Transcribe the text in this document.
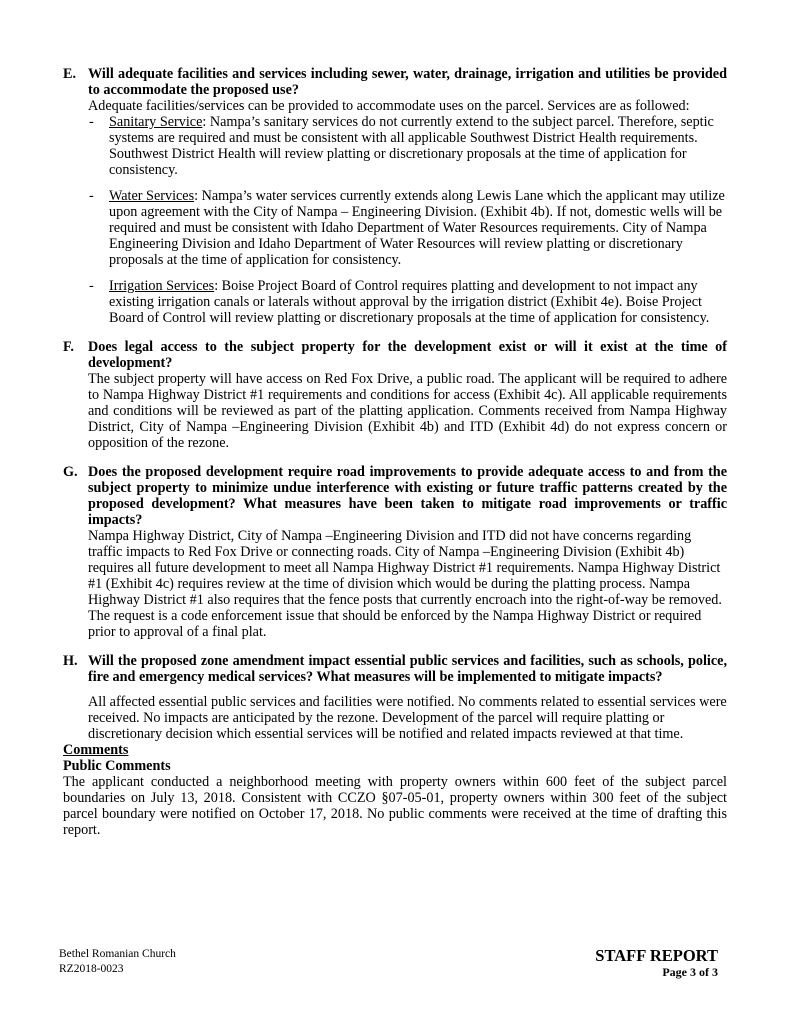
E. Will adequate facilities and services including sewer, water, drainage, irrigation and utilities be provided to accommodate the proposed use?

Adequate facilities/services can be provided to accommodate uses on the parcel. Services are as followed:

-	Sanitary Service: Nampa’s sanitary services do not currently extend to the subject parcel. Therefore, septic systems are required and must be consistent with all applicable Southwest District Health requirements. Southwest District Health will review platting or discretionary proposals at the time of application for consistency.

-	Water Services: Nampa’s water services currently extends along Lewis Lane which the applicant may utilize upon agreement with the City of Nampa – Engineering Division. (Exhibit 4b). If not, domestic wells will be required and must be consistent with Idaho Department of Water Resources requirements. City of Nampa Engineering Division and Idaho Department of Water Resources will review platting or discretionary proposals at the time of application for consistency.

-	Irrigation Services: Boise Project Board of Control requires platting and development to not impact any existing irrigation canals or laterals without approval by the irrigation district (Exhibit 4e). Boise Project Board of Control will review platting or discretionary proposals at the time of application for consistency.

F. Does legal access to the subject property for the development exist or will it exist at the time of development?

The subject property will have access on Red Fox Drive, a public road. The applicant will be required to adhere to Nampa Highway District #1 requirements and conditions for access (Exhibit 4c). All applicable requirements and conditions will be reviewed as part of the platting application. Comments received from Nampa Highway District, City of Nampa –Engineering Division (Exhibit 4b) and ITD (Exhibit 4d) do not express concern or opposition of the rezone.

G. Does the proposed development require road improvements to provide adequate access to and from the subject property to minimize undue interference with existing or future traffic patterns created by the proposed development? What measures have been taken to mitigate road improvements or traffic impacts?

Nampa Highway District, City of Nampa –Engineering Division and ITD did not have concerns regarding traffic impacts to Red Fox Drive or connecting roads. City of Nampa –Engineering Division (Exhibit 4b) requires all future development to meet all Nampa Highway District #1 requirements. Nampa Highway District #1 (Exhibit 4c) requires review at the time of division which would be during the platting process. Nampa Highway District #1 also requires that the fence posts that currently encroach into the right-of-way be removed. The request is a code enforcement issue that should be enforced by the Nampa Highway District or required prior to approval of a final plat.

H. Will the proposed zone amendment impact essential public services and facilities, such as schools, police, fire and emergency medical services? What measures will be implemented to mitigate impacts?

All affected essential public services and facilities were notified. No comments related to essential services were received. No impacts are anticipated by the rezone. Development of the parcel will require platting or discretionary decision which essential services will be notified and related impacts reviewed at that time.

Comments

Public Comments

The applicant conducted a neighborhood meeting with property owners within 600 feet of the subject parcel boundaries on July 13, 2018. Consistent with CCZO §07-05-01, property owners within 300 feet of the subject parcel boundary were notified on October 17, 2018. No public comments were received at the time of drafting this report.

Bethel Romanian Church
RZ2018-0023
STAFF REPORT
Page 3 of 3
